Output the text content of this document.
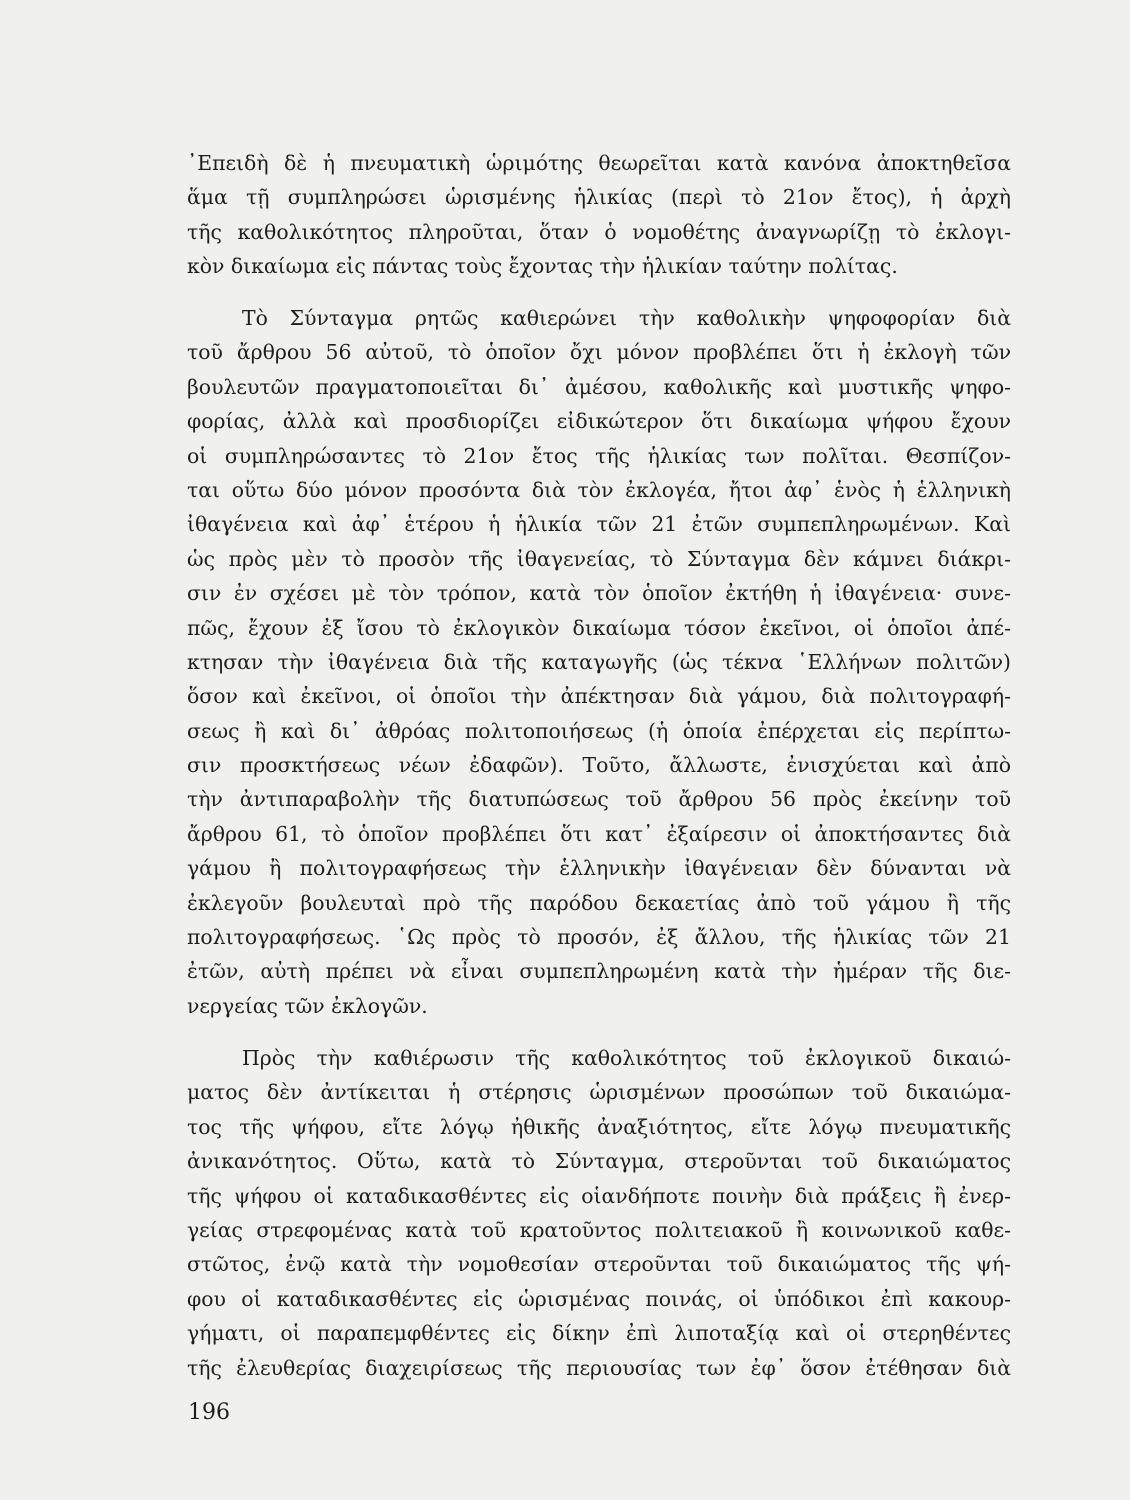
᾿Επειδὴ δὲ ἡ πνευματικὴ ὡριμότης θεωρεῖται κατὰ κανόνα ἀποκτηθεῖσα
ἅμα τῇ συμπληρώσει ὡρισμένης ἡλικίας (περὶ τὸ 21ον ἔτος), ἡ ἀρχὴ
τῆς καθολικότητος πληροῦται, ὅταν ὁ νομοθέτης ἀναγνωρίζῃ τὸ ἐκλογι-
κὸν δικαίωμα εἰς πάντας τοὺς ἔχοντας τὴν ἡλικίαν ταύτην πολίτας.
Τὸ Σύνταγμα ρητῶς καθιερώνει τὴν καθολικὴν ψηφοφορίαν διὰ
τοῦ ἄρθρου 56 αὐτοῦ, τὸ ὁποῖον ὄχι μόνον προβλέπει ὅτι ἡ ἐκλογὴ τῶν
βουλευτῶν πραγματοποιεῖται δι᾽ ἀμέσου, καθολικῆς καὶ μυστικῆς ψηφο-
φορίας, ἀλλὰ καὶ προσδιορίζει εἰδικώτερον ὅτι δικαίωμα ψήφου ἔχουν
οἱ συμπληρώσαντες τὸ 21ον ἔτος τῆς ἡλικίας των πολῖται. Θεσπίζον-
ται οὕτω δύο μόνον προσόντα διὰ τὸν ἐκλογέα, ἤτοι ἀφ᾽ ἑνὸς ἡ ἑλληνικὴ
ἰθαγένεια καὶ ἀφ᾽ ἑτέρου ἡ ἡλικία τῶν 21 ἐτῶν συμπεπληρωμένων. Καὶ
ὡς πρὸς μὲν τὸ προσὸν τῆς ἰθαγενείας, τὸ Σύνταγμα δὲν κάμνει διάκρι-
σιν ἐν σχέσει μὲ τὸν τρόπον, κατὰ τὸν ὁποῖον ἐκτήθη ἡ ἰθαγένεια· συνε-
πῶς, ἔχουν ἐξ ἴσου τὸ ἐκλογικὸν δικαίωμα τόσον ἐκεῖνοι, οἱ ὁποῖοι ἀπέ-
κτησαν τὴν ἰθαγένεια διὰ τῆς καταγωγῆς (ὡς τέκνα ῾Ελλήνων πολιτῶν)
ὅσον καὶ ἐκεῖνοι, οἱ ὁποῖοι τὴν ἀπέκτησαν διὰ γάμου, διὰ πολιτογραφή-
σεως ἢ καὶ δι᾽ ἀθρόας πολιτοποιήσεως (ἡ ὁποία ἐπέρχεται εἰς περίπτω-
σιν προσκτήσεως νέων ἐδαφῶν). Τοῦτο, ἄλλωστε, ἐνισχύεται καὶ ἀπὸ
τὴν ἀντιπαραβολὴν τῆς διατυπώσεως τοῦ ἄρθρου 56 πρὸς ἐκείνην τοῦ
ἄρθρου 61, τὸ ὁποῖον προβλέπει ὅτι κατ᾽ ἐξαίρεσιν οἱ ἀποκτήσαντες διὰ
γάμου ἢ πολιτογραφήσεως τὴν ἑλληνικὴν ἰθαγένειαν δὲν δύνανται νὰ
ἐκλεγοῦν βουλευταὶ πρὸ τῆς παρόδου δεκαετίας ἀπὸ τοῦ γάμου ἢ τῆς
πολιτογραφήσεως. ῾Ως πρὸς τὸ προσόν, ἐξ ἄλλου, τῆς ἡλικίας τῶν 21
ἐτῶν, αὐτὴ πρέπει νὰ εἶναι συμπεπληρωμένη κατὰ τὴν ἡμέραν τῆς διε-
νεργείας τῶν ἐκλογῶν.
Πρὸς τὴν καθιέρωσιν τῆς καθολικότητος τοῦ ἐκλογικοῦ δικαιώ-
ματος δὲν ἀντίκειται ἡ στέρησις ὡρισμένων προσώπων τοῦ δικαιώμα-
τος τῆς ψήφου, εἴτε λόγῳ ἠθικῆς ἀναξιότητος, εἴτε λόγῳ πνευματικῆς
ἀνικανότητος. Οὕτω, κατὰ τὸ Σύνταγμα, στεροῦνται τοῦ δικαιώματος
τῆς ψήφου οἱ καταδικασθέντες εἰς οἱανδήποτε ποινὴν διὰ πράξεις ἢ ἐνερ-
γείας στρεφομένας κατὰ τοῦ κρατοῦντος πολιτειακοῦ ἢ κοινωνικοῦ καθε-
στῶτος, ἐνῷ κατὰ τὴν νομοθεσίαν στεροῦνται τοῦ δικαιώματος τῆς ψή-
φου οἱ καταδικασθέντες εἰς ὡρισμένας ποινάς, οἱ ὑπόδικοι ἐπὶ κακουρ-
γήματι, οἱ παραπεμφθέντες εἰς δίκην ἐπὶ λιποταξίᾳ καὶ οἱ στερηθέντες
τῆς ἐλευθερίας διαχειρίσεως τῆς περιουσίας των ἐφ᾽ ὅσον ἐτέθησαν διὰ
196
